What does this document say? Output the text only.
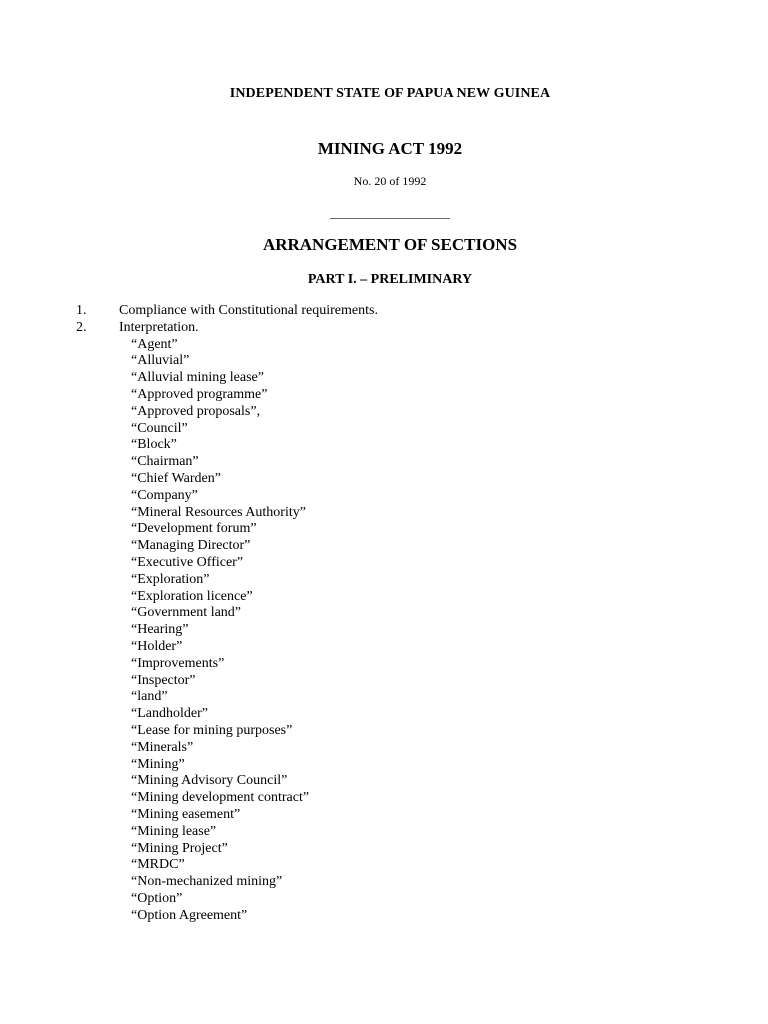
INDEPENDENT STATE OF PAPUA NEW GUINEA
MINING ACT 1992
No. 20 of 1992
____________________
ARRANGEMENT OF SECTIONS
PART I. – PRELIMINARY
1. Compliance with Constitutional requirements.
2. Interpretation.
“Agent”
“Alluvial”
“Alluvial mining lease”
“Approved programme”
“Approved proposals”,
“Council”
“Block”
“Chairman”
“Chief Warden”
“Company”
“Mineral Resources Authority”
“Development forum”
“Managing Director”
“Executive Officer”
“Exploration”
“Exploration licence”
“Government land”
“Hearing”
“Holder”
“Improvements”
“Inspector”
“land”
“Landholder”
“Lease for mining purposes”
“Minerals”
“Mining”
“Mining Advisory Council”
“Mining development contract”
“Mining easement”
“Mining lease”
“Mining Project”
“MRDC”
“Non-mechanized mining”
“Option”
“Option Agreement”
